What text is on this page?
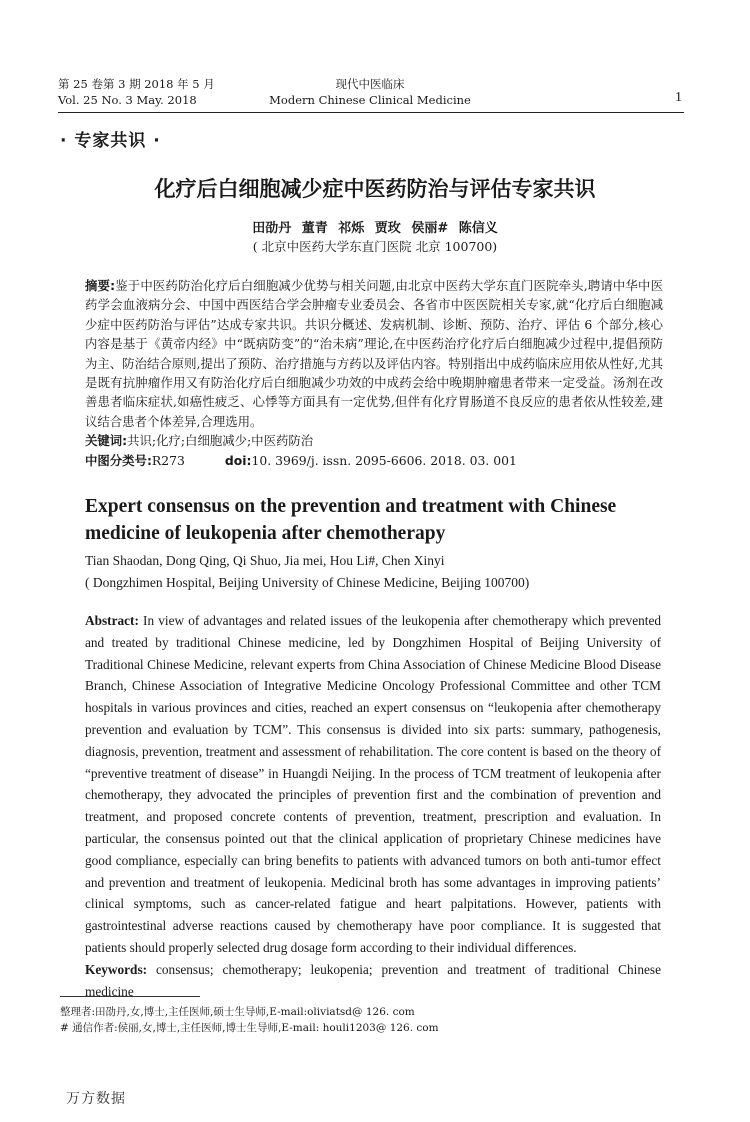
第 25 卷第 3 期 2018 年 5 月
Vol. 25 No. 3 May. 2018
现代中医临床
Modern Chinese Clinical Medicine	1
· 专家共识 ·
化疗后白细胞减少症中医药防治与评估专家共识
田劭丹 董青 祁烁 贾玫 侯丽# 陈信义
( 北京中医药大学东直门医院 北京 100700)

摘要:鉴于中医药防治化疗后白细胞减少优势与相关问题,由北京中医药大学东直门医院牵头,聘请中华中医药学会血液病分会、中国中西医结合学会肿瘤专业委员会、各省市中医医院相关专家,就“化疗后白细胞减少症中医药防治与评估”达成专家共识。共识分概述、发病机制、诊断、预防、治疗、评估 6 个部分,核心内容是基于《黄帝内经》中“既病防变”的“治未病”理论,在中医药治疗化疗后白细胞减少过程中,提倡预防为主、防治结合原则,提出了预防、治疗措施与方药以及评估内容。特别指出中成药临床应用依从性好,尤其是既有抗肿瘤作用又有防治化疗后白细胞减少功效的中成药会给中晚期肿瘤患者带来一定受益。汤剂在改善患者临床症状,如癌性疲乏、心悸等方面具有一定优势,但伴有化疗胃肠道不良反应的患者依从性较差,建议结合患者个体差异,合理选用。

关键词:共识;化疗;白细胞减少;中医药防治

中图分类号:R273	doi:10. 3969/j. issn. 2095-6606. 2018. 03. 001

Expert consensus on the prevention and treatment with Chinese medicine of leukopenia after chemotherapy
Tian Shaodan, Dong Qing, Qi Shuo, Jia mei, Hou Li#, Chen Xinyi
( Dongzhimen Hospital, Beijing University of Chinese Medicine, Beijing 100700)

Abstract: In view of advantages and related issues of the leukopenia after chemotherapy which prevented and treated by traditional Chinese medicine, led by Dongzhimen Hospital of Beijing University of Traditional Chinese Medicine, relevant experts from China Association of Chinese Medicine Blood Disease Branch, Chinese Association of Integrative Medicine Oncology Professional Committee and other TCM hospitals in various provinces and cities, reached an expert consensus on “leukopenia after chemotherapy prevention and evaluation by TCM”. This consensus is divided into six parts: summary, pathogenesis, diagnosis, prevention, treatment and assessment of rehabilitation. The core content is based on the theory of “preventive treatment of disease” in Huangdi Neijing. In the process of TCM treatment of leukopenia after chemotherapy, they advocated the principles of prevention first and the combination of prevention and treatment, and proposed concrete contents of prevention, treatment, prescription and evaluation. In particular, the consensus pointed out that the clinical application of proprietary Chinese medicines have good compliance, especially can bring benefits to patients with advanced tumors on both anti-tumor effect and prevention and treatment of leukopenia. Medicinal broth has some advantages in improving patients’ clinical symptoms, such as cancer-related fatigue and heart palpitations. However, patients with gastrointestinal adverse reactions caused by chemotherapy have poor compliance. It is suggested that patients should properly selected drug dosage form according to their individual differences.

Keywords: consensus; chemotherapy; leukopenia; prevention and treatment of traditional Chinese medicine

整理者:田劭丹,女,博士,主任医师,硕士生导师,E-mail:oliviatsd@ 126. com

# 通信作者:侯丽,女,博士,主任医师,博士生导师,E-mail: houli1203@ 126. com

万方数据
